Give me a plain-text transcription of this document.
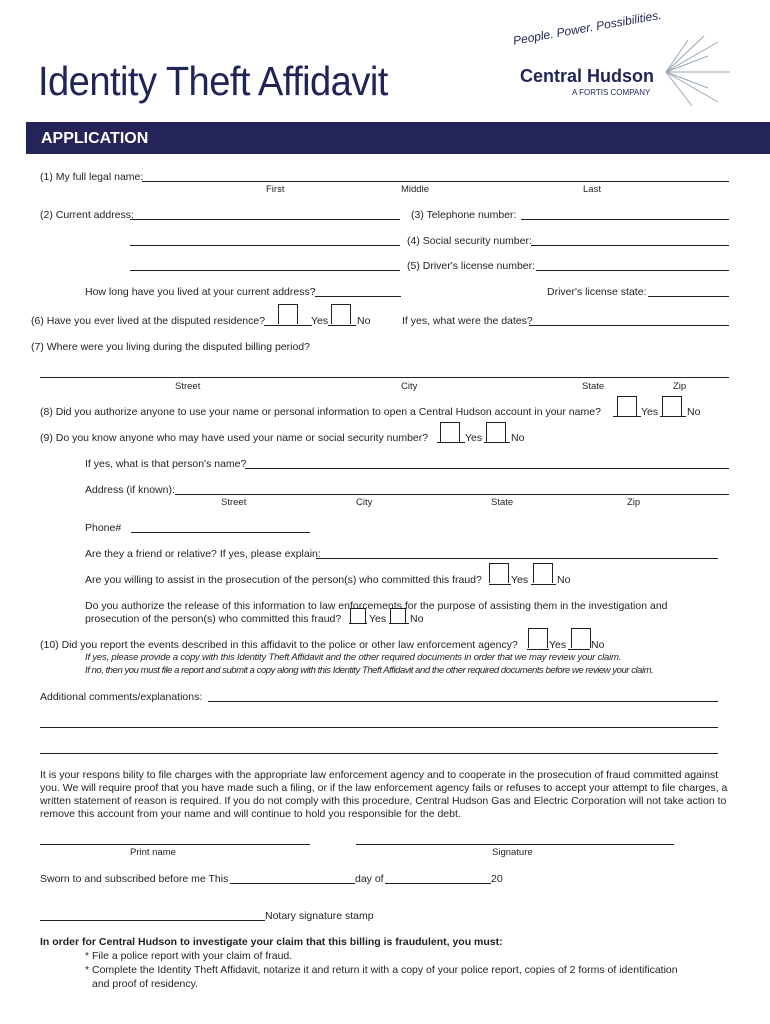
Identity Theft Affidavit
People. Power. Possibilities.
Central Hudson
A FORTIS COMPANY
APPLICATION
(1) My full legal name:
First	Middle	Last
(2) Current address:	(3) Telephone number:
(4) Social security number:
(5) Driver's license number:
How long have you lived at your current address?	Driver's license state:
(6) Have you ever lived at the disputed residence?	Yes	No	If yes, what were the dates?
(7) Where were you living during the disputed billing period?
Street	City	State	Zip
(8) Did you authorize anyone to use your name or personal information to open a Central Hudson account in your name?	Yes	No
(9) Do you know anyone who may have used your name or social security number?	Yes	No
If yes, what is that person's name?
Address (if known):
Street	City	State	Zip
Phone#
Are they a friend or relative? If yes, please explain:
Are you willing to assist in the prosecution of the person(s) who committed this fraud?	Yes	No
Do you authorize the release of this information to law enforcements for the purpose of assisting them in the investigation and
prosecution of the person(s) who committed this fraud?	Yes No
(10) Did you report the events described in this affidavit to the police or other law enforcement agency?	Yes No
If yes, please provide a copy with this Identity Theft Affidavit and the other required documents in order that we may review your claim.
If no, then you must file a report and submit a copy along with this Identity Theft Affidavit and the other required documents before we review your claim.
Additional comments/explanations:
It is your respons bility to file charges with the appropriate law enforcement agency and to cooperate in the prosecution of fraud committed against you. We will require proof that you have made such a filing, or if the law enforcement agency fails or refuses to accept your attempt to file charges, a written statement of reason is required. If you do not comply with this procedure, Central Hudson Gas and Electric Corporation will not take action to remove this account from your name and will continue to hold you responsible for the debt.
Print name	Signature
Sworn to and subscribed before me This	day of	20
Notary signature stamp
In order for Central Hudson to investigate your claim that this billing is fraudulent, you must:
* File a police report with your claim of fraud.
* Complete the Identity Theft Affidavit, notarize it and return it with a copy of your police report, copies of 2 forms of identification
and proof of residency.
